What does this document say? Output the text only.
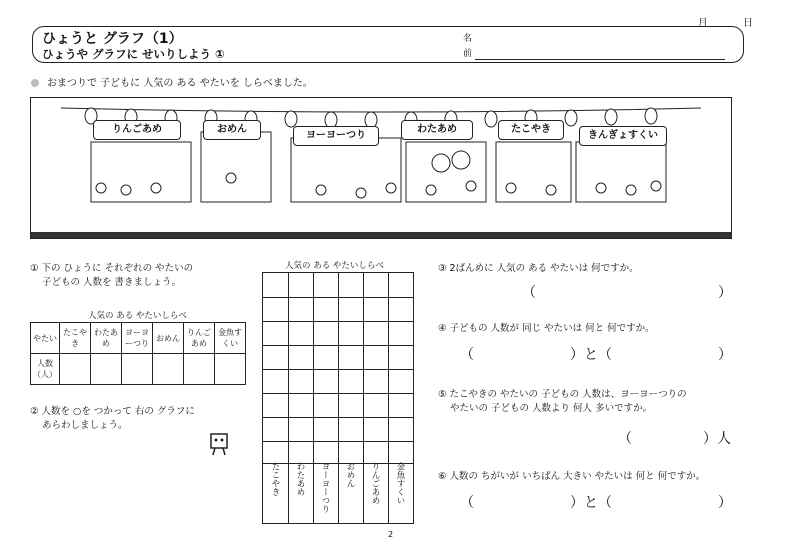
月	日
ひょうと グラフ（1）
ひょうや グラフに せいりしよう ①
名
前
おまつりで 子どもに 人気の ある やたいを しらべました。
りんごあめ	おめん
ヨーヨーつり
わたあめ	たこやき
きんぎょすくい
① 下の ひょうに それぞれの やたいの
子どもの 人数を 書きましょう。
人気の ある やたいしらべ
やたい	たこやき	わたあめ	ヨーヨーつり	おめん	りんごあめ	金魚すくい
人数（人）						
② 人数を ○を つかって 右の グラフに
あらわしましょう。
人気の ある やたいしらべ
たこやき	わたあめ	ヨーヨーつり	おめん	りんごあめ	金魚すくい
③ 2ばんめに 人気の ある やたいは 何ですか。
（	）
④ 子どもの 人数が 同じ やたいは 何と 何ですか。
（	）と（	）
⑤ たこやきの やたいの 子どもの 人数は、ヨーヨーつりの
やたいの 子どもの 人数より 何人 多いですか。
（	）人
⑥ 人数の ちがいが いちばん 大きい やたいは 何と 何ですか。
（	）と（	）
2
